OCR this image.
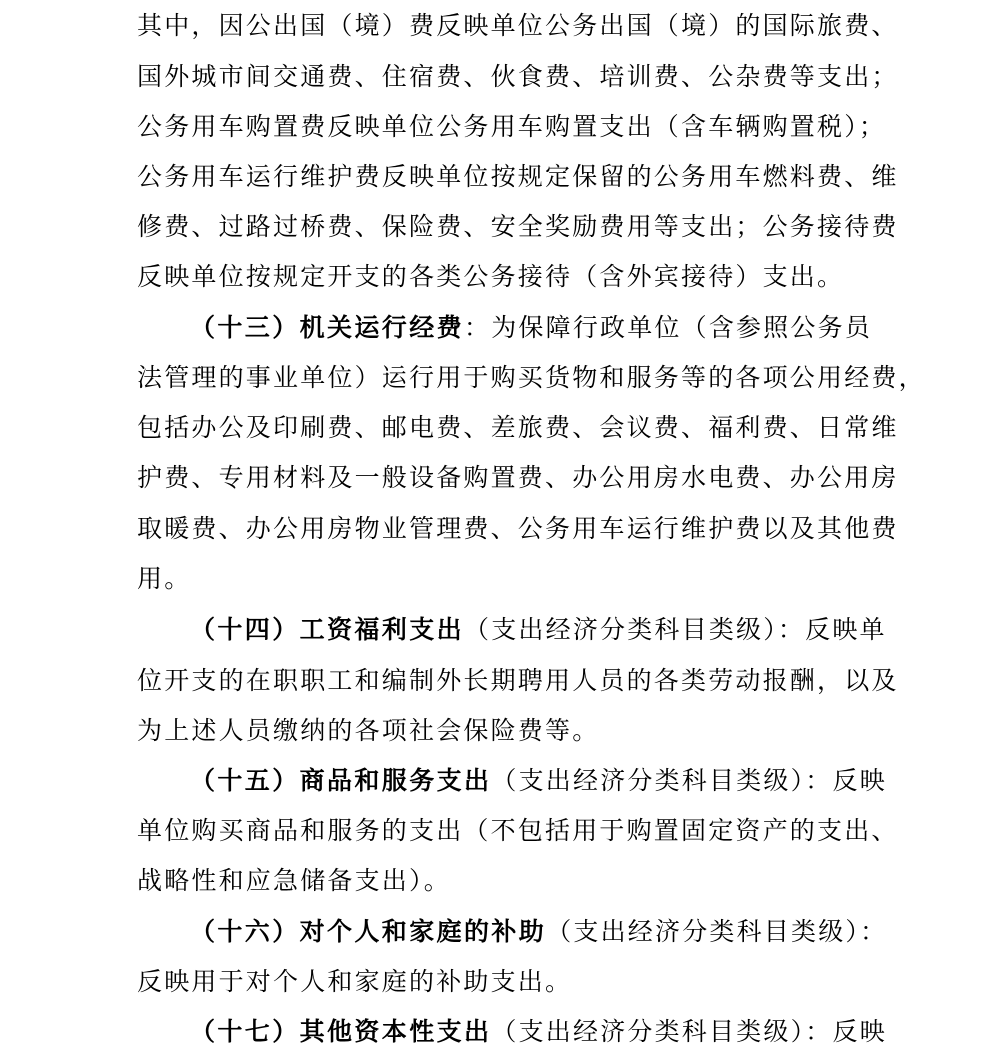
其中，因公出国（境）费反映单位公务出国（境）的国际旅费、
国外城市间交通费、住宿费、伙食费、培训费、公杂费等支出；
公务用车购置费反映单位公务用车购置支出（含车辆购置税）；
公务用车运行维护费反映单位按规定保留的公务用车燃料费、维
修费、过路过桥费、保险费、安全奖励费用等支出；公务接待费
反映单位按规定开支的各类公务接待（含外宾接待）支出。
（十三）机关运行经费：为保障行政单位（含参照公务员
法管理的事业单位）运行用于购买货物和服务等的各项公用经费，
包括办公及印刷费、邮电费、差旅费、会议费、福利费、日常维
护费、专用材料及一般设备购置费、办公用房水电费、办公用房
取暖费、办公用房物业管理费、公务用车运行维护费以及其他费
用。
（十四）工资福利支出（支出经济分类科目类级）：反映单
位开支的在职职工和编制外长期聘用人员的各类劳动报酬，以及
为上述人员缴纳的各项社会保险费等。
（十五）商品和服务支出（支出经济分类科目类级）：反映
单位购买商品和服务的支出（不包括用于购置固定资产的支出、
战略性和应急储备支出）。
（十六）对个人和家庭的补助（支出经济分类科目类级）：
反映用于对个人和家庭的补助支出。
（十七）其他资本性支出（支出经济分类科目类级）：反映
